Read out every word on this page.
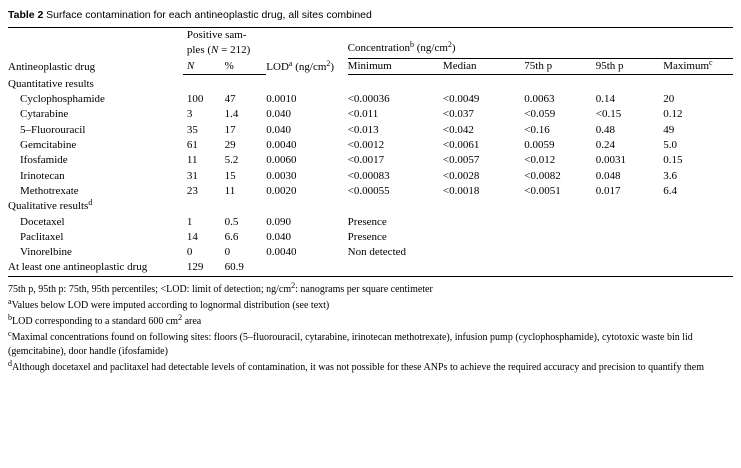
Table 2 Surface contamination for each antineoplastic drug, all sites combined
Antineoplastic drug	Positive sam-
ples (N = 212)		LOD$^a$ $(ng/cm^2)$	Concentration$^b$ $(ng/cm^2)$				
	N	%		Minimum	Median	75th p	95th p	Maximum$^c$
Quantitative results								
Cyclophosphamide	100	47	0.0010	<0.00036	<0.0049	0.0063	0.14	20
Cytarabine	3	1.4	0.040	<0.011	<0.037	<0.059	<0.15	0.12
5–Fluorouracil	35	17	0.040	<0.013	<0.042	<0.16	0.48	49
Gemcitabine	61	29	0.0040	<0.0012	<0.0061	0.0059	0.24	5.0
Ifosfamide	11	5.2	0.0060	<0.0017	<0.0057	<0.012	0.0031	0.15
Irinotecan	31	15	0.0030	<0.00083	<0.0028	<0.0082	0.048	3.6
Methotrexate	23	11	0.0020	<0.00055	<0.0018	<0.0051	0.017	6.4
Qualitative results$^d$	
Docetaxel	1	0.5	0.090	Presence				
Paclitaxel	14	6.6	0.040	Presence				
Vinorelbine	0	0	0.0040	Non detected				
At least one antineoplastic drug	129	60.9						
75th p, 95th p: 75th, 95th percentiles; <LOD: limit of detection; $ng/cm^2$: nanograms per square centimeter
$^a$Values below LOD were imputed according to lognormal distribution (see text)
$^b$LOD corresponding to a standard 600 $cm^2$ area
$^c$Maximal concentrations found on following sites: floors (5–fluorouracil, cytarabine, irinotecan methotrexate), infusion pump (cyclophosphamide), cytotoxic waste bin lid (gemcitabine), door handle (ifosfamide)
$^d$Although docetaxel and paclitaxel had detectable levels of contamination, it was not possible for these ANPs to achieve the required accuracy and precision to quantify them
